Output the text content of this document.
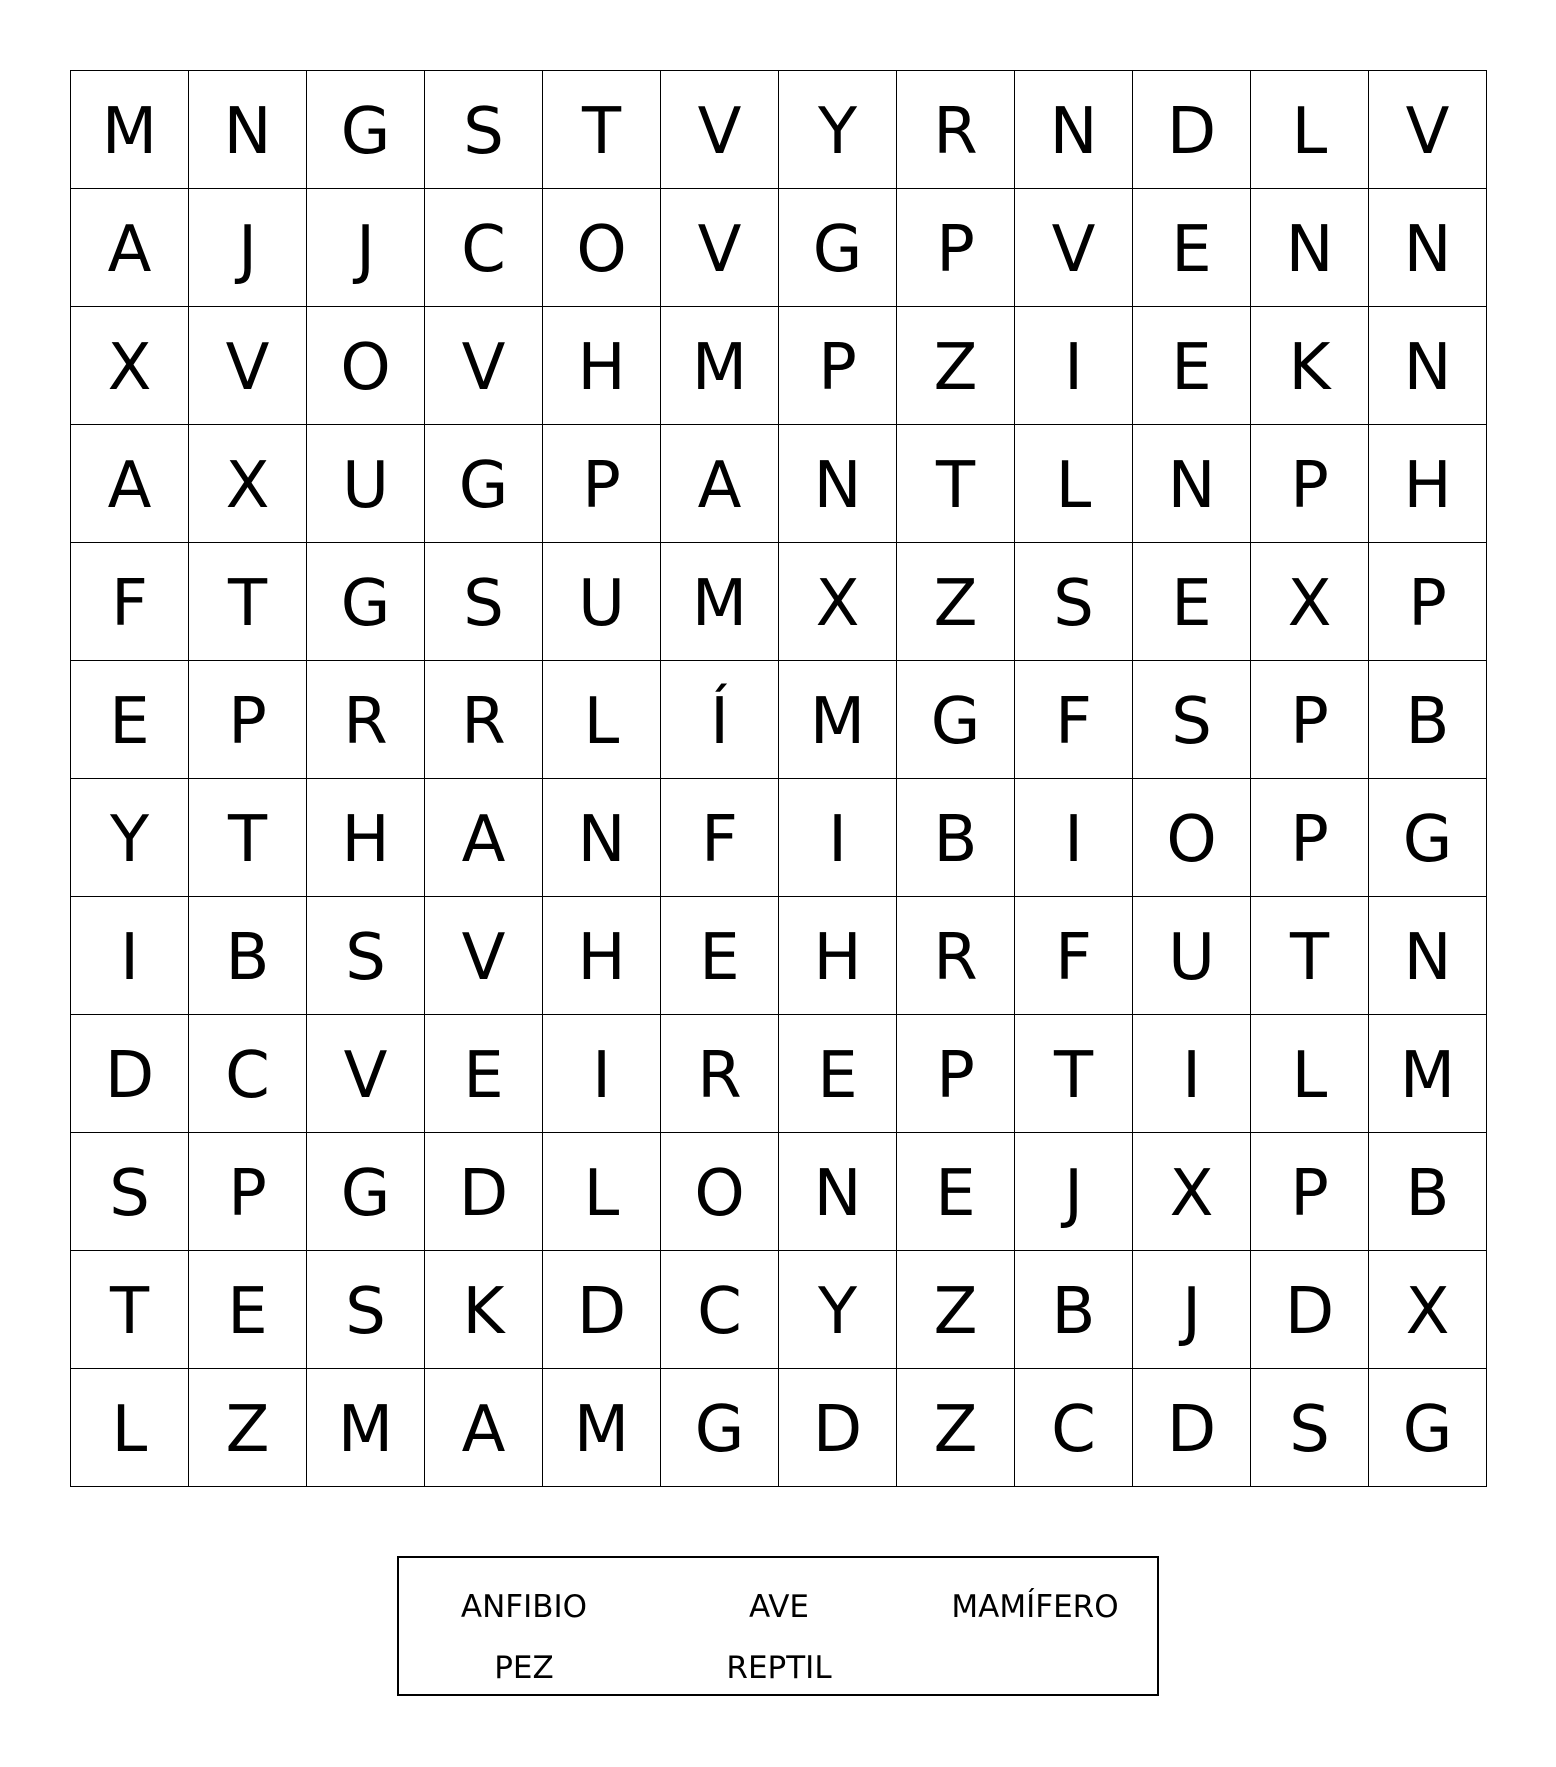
M	N	G	S	T	V	Y	R	N	D	L	V
A	J	J	C	O	V	G	P	V	E	N	N
X	V	O	V	H	M	P	Z	I	E	K	N
A	X	U	G	P	A	N	T	L	N	P	H
F	T	G	S	U	M	X	Z	S	E	X	P
E	P	R	R	L	Í	M	G	F	S	P	B
Y	T	H	A	N	F	I	B	I	O	P	G
I	B	S	V	H	E	H	R	F	U	T	N
D	C	V	E	I	R	E	P	T	I	L	M
S	P	G	D	L	O	N	E	J	X	P	B
T	E	S	K	D	C	Y	Z	B	J	D	X
L	Z	M	A	M	G	D	Z	C	D	S	G
ANFIBIO	AVE	MAMÍFERO
PEZ	REPTIL
